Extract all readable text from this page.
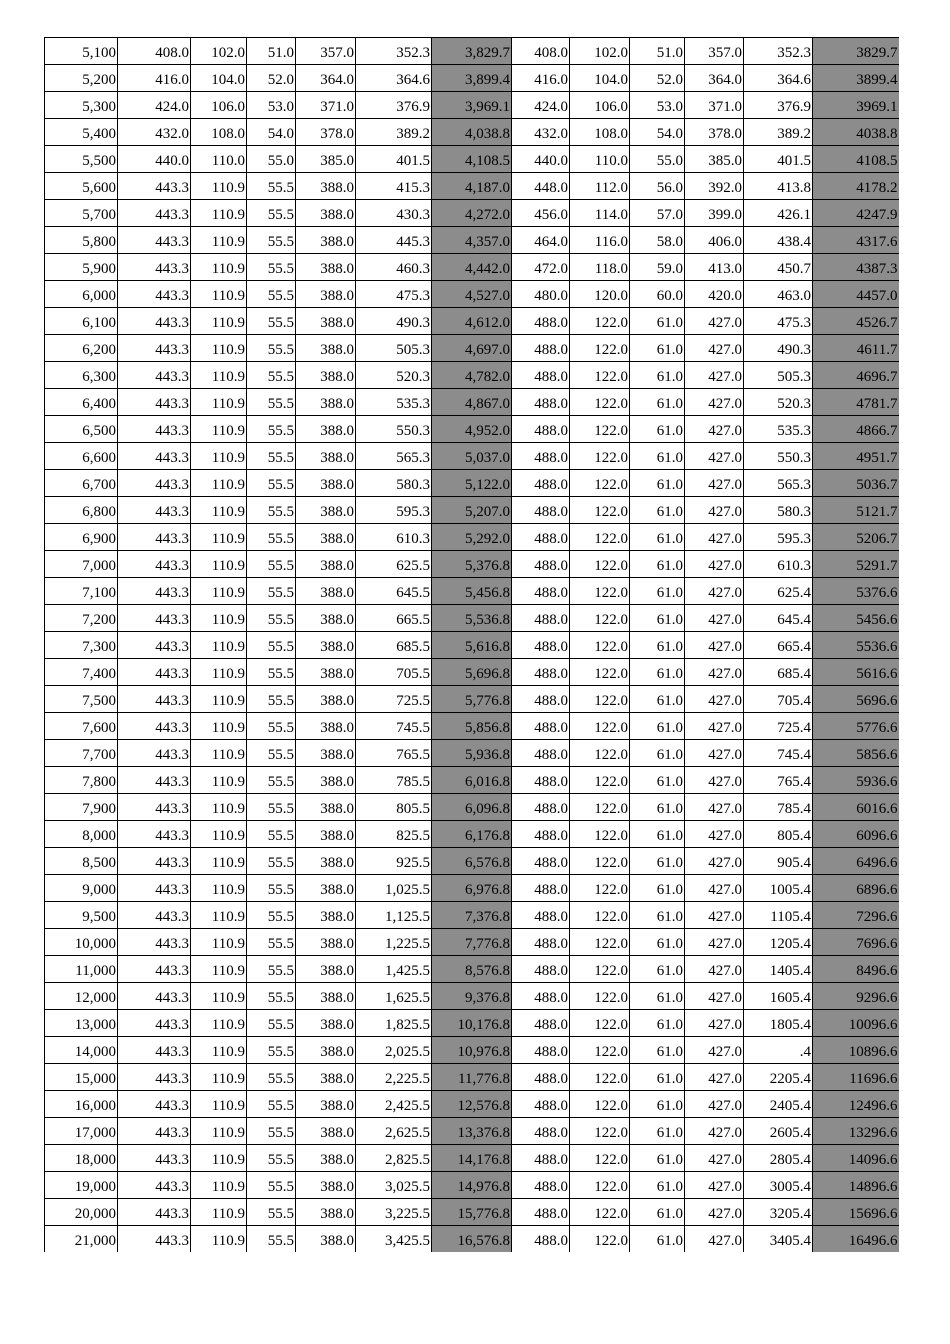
5,100	408.0	102.0	51.0	357.0	352.3	3,829.7	408.0	102.0	51.0	357.0	352.3	3829.7
5,200	416.0	104.0	52.0	364.0	364.6	3,899.4	416.0	104.0	52.0	364.0	364.6	3899.4
5,300	424.0	106.0	53.0	371.0	376.9	3,969.1	424.0	106.0	53.0	371.0	376.9	3969.1
5,400	432.0	108.0	54.0	378.0	389.2	4,038.8	432.0	108.0	54.0	378.0	389.2	4038.8
5,500	440.0	110.0	55.0	385.0	401.5	4,108.5	440.0	110.0	55.0	385.0	401.5	4108.5
5,600	443.3	110.9	55.5	388.0	415.3	4,187.0	448.0	112.0	56.0	392.0	413.8	4178.2
5,700	443.3	110.9	55.5	388.0	430.3	4,272.0	456.0	114.0	57.0	399.0	426.1	4247.9
5,800	443.3	110.9	55.5	388.0	445.3	4,357.0	464.0	116.0	58.0	406.0	438.4	4317.6
5,900	443.3	110.9	55.5	388.0	460.3	4,442.0	472.0	118.0	59.0	413.0	450.7	4387.3
6,000	443.3	110.9	55.5	388.0	475.3	4,527.0	480.0	120.0	60.0	420.0	463.0	4457.0
6,100	443.3	110.9	55.5	388.0	490.3	4,612.0	488.0	122.0	61.0	427.0	475.3	4526.7
6,200	443.3	110.9	55.5	388.0	505.3	4,697.0	488.0	122.0	61.0	427.0	490.3	4611.7
6,300	443.3	110.9	55.5	388.0	520.3	4,782.0	488.0	122.0	61.0	427.0	505.3	4696.7
6,400	443.3	110.9	55.5	388.0	535.3	4,867.0	488.0	122.0	61.0	427.0	520.3	4781.7
6,500	443.3	110.9	55.5	388.0	550.3	4,952.0	488.0	122.0	61.0	427.0	535.3	4866.7
6,600	443.3	110.9	55.5	388.0	565.3	5,037.0	488.0	122.0	61.0	427.0	550.3	4951.7
6,700	443.3	110.9	55.5	388.0	580.3	5,122.0	488.0	122.0	61.0	427.0	565.3	5036.7
6,800	443.3	110.9	55.5	388.0	595.3	5,207.0	488.0	122.0	61.0	427.0	580.3	5121.7
6,900	443.3	110.9	55.5	388.0	610.3	5,292.0	488.0	122.0	61.0	427.0	595.3	5206.7
7,000	443.3	110.9	55.5	388.0	625.5	5,376.8	488.0	122.0	61.0	427.0	610.3	5291.7
7,100	443.3	110.9	55.5	388.0	645.5	5,456.8	488.0	122.0	61.0	427.0	625.4	5376.6
7,200	443.3	110.9	55.5	388.0	665.5	5,536.8	488.0	122.0	61.0	427.0	645.4	5456.6
7,300	443.3	110.9	55.5	388.0	685.5	5,616.8	488.0	122.0	61.0	427.0	665.4	5536.6
7,400	443.3	110.9	55.5	388.0	705.5	5,696.8	488.0	122.0	61.0	427.0	685.4	5616.6
7,500	443.3	110.9	55.5	388.0	725.5	5,776.8	488.0	122.0	61.0	427.0	705.4	5696.6
7,600	443.3	110.9	55.5	388.0	745.5	5,856.8	488.0	122.0	61.0	427.0	725.4	5776.6
7,700	443.3	110.9	55.5	388.0	765.5	5,936.8	488.0	122.0	61.0	427.0	745.4	5856.6
7,800	443.3	110.9	55.5	388.0	785.5	6,016.8	488.0	122.0	61.0	427.0	765.4	5936.6
7,900	443.3	110.9	55.5	388.0	805.5	6,096.8	488.0	122.0	61.0	427.0	785.4	6016.6
8,000	443.3	110.9	55.5	388.0	825.5	6,176.8	488.0	122.0	61.0	427.0	805.4	6096.6
8,500	443.3	110.9	55.5	388.0	925.5	6,576.8	488.0	122.0	61.0	427.0	905.4	6496.6
9,000	443.3	110.9	55.5	388.0	1,025.5	6,976.8	488.0	122.0	61.0	427.0	1005.4	6896.6
9,500	443.3	110.9	55.5	388.0	1,125.5	7,376.8	488.0	122.0	61.0	427.0	1105.4	7296.6
10,000	443.3	110.9	55.5	388.0	1,225.5	7,776.8	488.0	122.0	61.0	427.0	1205.4	7696.6
11,000	443.3	110.9	55.5	388.0	1,425.5	8,576.8	488.0	122.0	61.0	427.0	1405.4	8496.6
12,000	443.3	110.9	55.5	388.0	1,625.5	9,376.8	488.0	122.0	61.0	427.0	1605.4	9296.6
13,000	443.3	110.9	55.5	388.0	1,825.5	10,176.8	488.0	122.0	61.0	427.0	1805.4	10096.6
14,000	443.3	110.9	55.5	388.0	2,025.5	10,976.8	488.0	122.0	61.0	427.0	.4	10896.6
15,000	443.3	110.9	55.5	388.0	2,225.5	11,776.8	488.0	122.0	61.0	427.0	2205.4	11696.6
16,000	443.3	110.9	55.5	388.0	2,425.5	12,576.8	488.0	122.0	61.0	427.0	2405.4	12496.6
17,000	443.3	110.9	55.5	388.0	2,625.5	13,376.8	488.0	122.0	61.0	427.0	2605.4	13296.6
18,000	443.3	110.9	55.5	388.0	2,825.5	14,176.8	488.0	122.0	61.0	427.0	2805.4	14096.6
19,000	443.3	110.9	55.5	388.0	3,025.5	14,976.8	488.0	122.0	61.0	427.0	3005.4	14896.6
20,000	443.3	110.9	55.5	388.0	3,225.5	15,776.8	488.0	122.0	61.0	427.0	3205.4	15696.6
21,000	443.3	110.9	55.5	388.0	3,425.5	16,576.8	488.0	122.0	61.0	427.0	3405.4	16496.6
